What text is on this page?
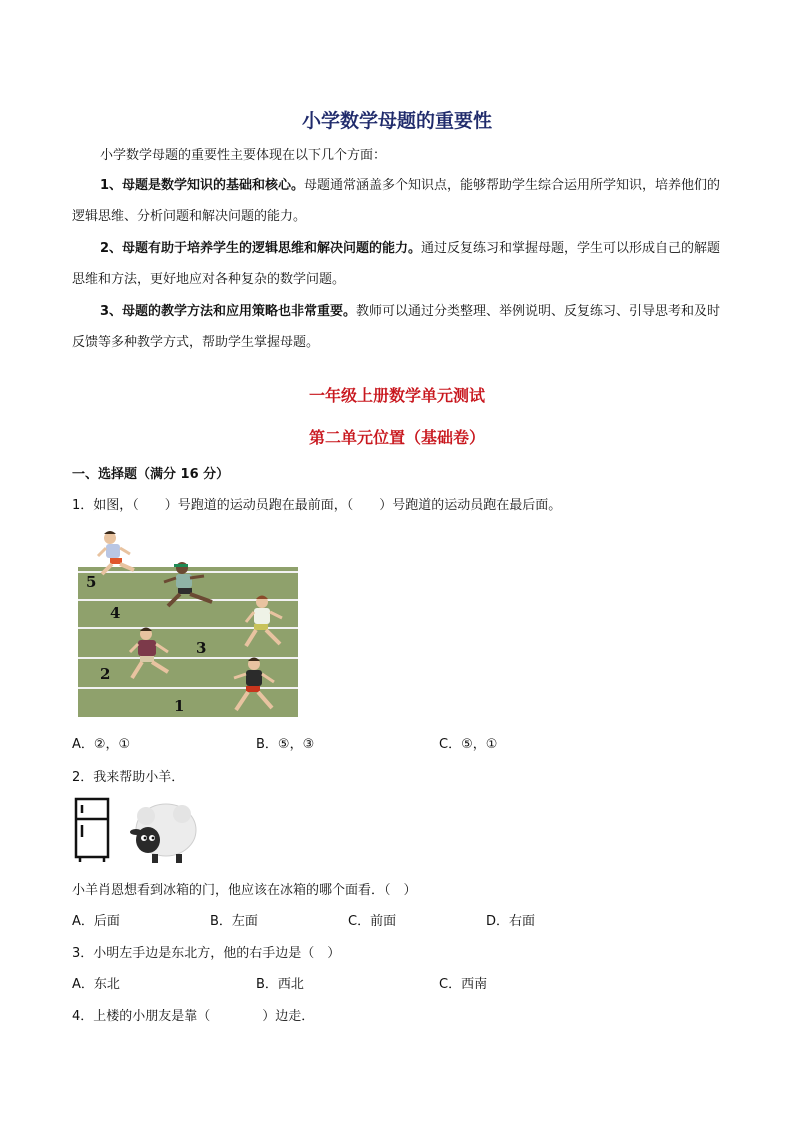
小学数学母题的重要性
小学数学母题的重要性主要体现在以下几个方面：
1、母题是数学知识的基础和核心。母题通常涵盖多个知识点，能够帮助学生综合运用所学知识，培养他们的逻辑思维、分析问题和解决问题的能力。
2、母题有助于培养学生的逻辑思维和解决问题的能力。通过反复练习和掌握母题，学生可以形成自己的解题思维和方法，更好地应对各种复杂的数学问题。
3、母题的教学方法和应用策略也非常重要。教师可以通过分类整理、举例说明、反复练习、引导思考和及时反馈等多种教学方式，帮助学生掌握母题。
一年级上册数学单元测试
第二单元位置（基础卷）
一、选择题（满分 16 分）
1．如图，（　　）号跑道的运动员跑在最前面，（　　）号跑道的运动员跑在最后面。
5
4
3
2
1
A．②，①	B．⑤，③	C．⑤，①
2．我来帮助小羊．
小羊肖恩想看到冰箱的门，他应该在冰箱的哪个面看．（　）
A．后面	B．左面	C．前面	D．右面
3．小明左手边是东北方，他的右手边是（　）
A．东北	B．西北	C．西南
4．上楼的小朋友是靠（　　　　）边走．
